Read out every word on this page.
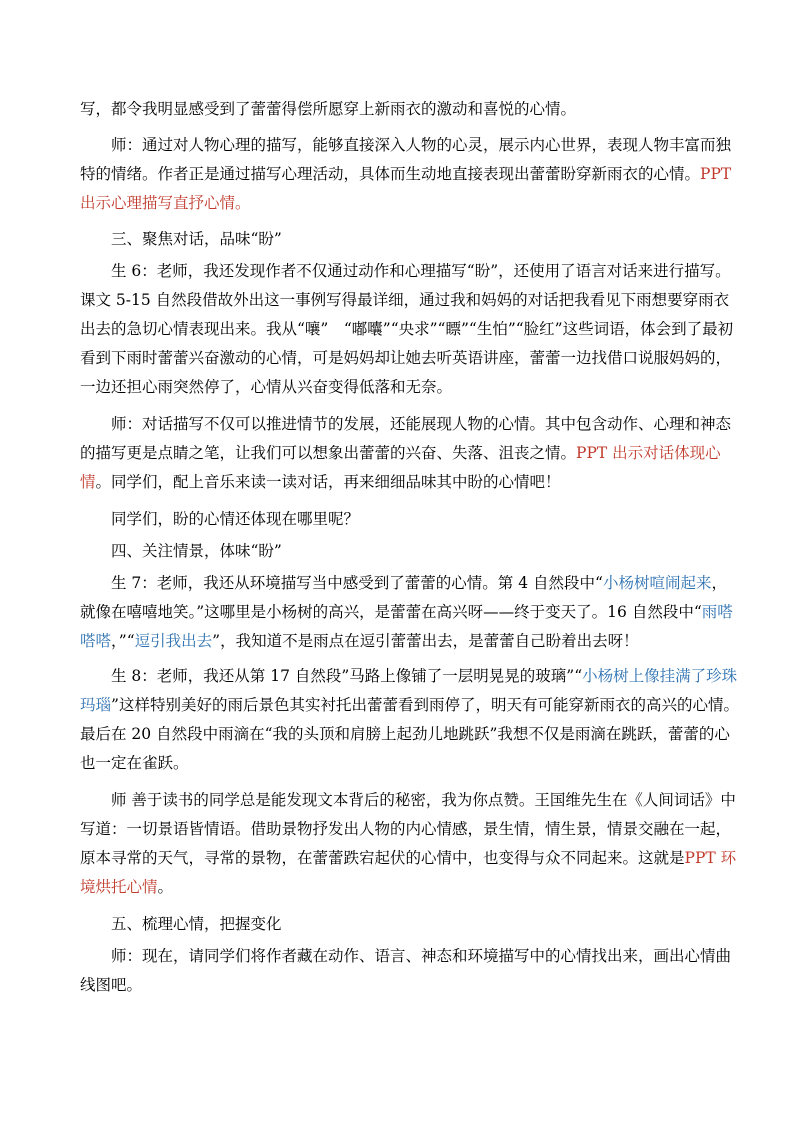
写，都令我明显感受到了蕾蕾得偿所愿穿上新雨衣的激动和喜悦的心情。
师：通过对人物心理的描写，能够直接深入人物的心灵，展示内心世界，表现人物丰富而独特的情绪。作者正是通过描写心理活动，具体而生动地直接表现出蕾蕾盼穿新雨衣的心情。PPT 出示心理描写直抒心情。
三、聚焦对话，品味“盼”
生 6：老师，我还发现作者不仅通过动作和心理描写“盼”，还使用了语言对话来进行描写。课文 5-15 自然段借故外出这一事例写得最详细，通过我和妈妈的对话把我看见下雨想要穿雨衣出去的急切心情表现出来。我从“嚷”　“嘟囔”“央求”“瞟”“生怕”“脸红”这些词语，体会到了最初看到下雨时蕾蕾兴奋激动的心情，可是妈妈却让她去听英语讲座，蕾蕾一边找借口说服妈妈的，一边还担心雨突然停了，心情从兴奋变得低落和无奈。
师：对话描写不仅可以推进情节的发展，还能展现人物的心情。其中包含动作、心理和神态的描写更是点睛之笔，让我们可以想象出蕾蕾的兴奋、失落、沮丧之情。PPT 出示对话体现心情。同学们，配上音乐来读一读对话，再来细细品味其中盼的心情吧！
同学们，盼的心情还体现在哪里呢？
四、关注情景，体味“盼”
生 7：老师，我还从环境描写当中感受到了蕾蕾的心情。第 4 自然段中“小杨树喧闹起来，就像在嘻嘻地笑。”这哪里是小杨树的高兴，是蕾蕾在高兴呀——终于变天了。16 自然段中“雨嗒嗒嗒，”“逗引我出去”，我知道不是雨点在逗引蕾蕾出去，是蕾蕾自己盼着出去呀！
生 8：老师，我还从第 17 自然段”马路上像铺了一层明晃晃的玻璃”“小杨树上像挂满了珍珠玛瑙”这样特别美好的雨后景色其实衬托出蕾蕾看到雨停了，明天有可能穿新雨衣的高兴的心情。最后在 20 自然段中雨滴在“我的头顶和肩膀上起劲儿地跳跃”我想不仅是雨滴在跳跃，蕾蕾的心也一定在雀跃。
师 善于读书的同学总是能发现文本背后的秘密，我为你点赞。王国维先生在《人间词话》中写道：一切景语皆情语。借助景物抒发出人物的内心情感，景生情，情生景，情景交融在一起，原本寻常的天气，寻常的景物，在蕾蕾跌宕起伏的心情中，也变得与众不同起来。这就是PPT 环境烘托心情。
五、梳理心情，把握变化
师：现在，请同学们将作者藏在动作、语言、神态和环境描写中的心情找出来，画出心情曲线图吧。
